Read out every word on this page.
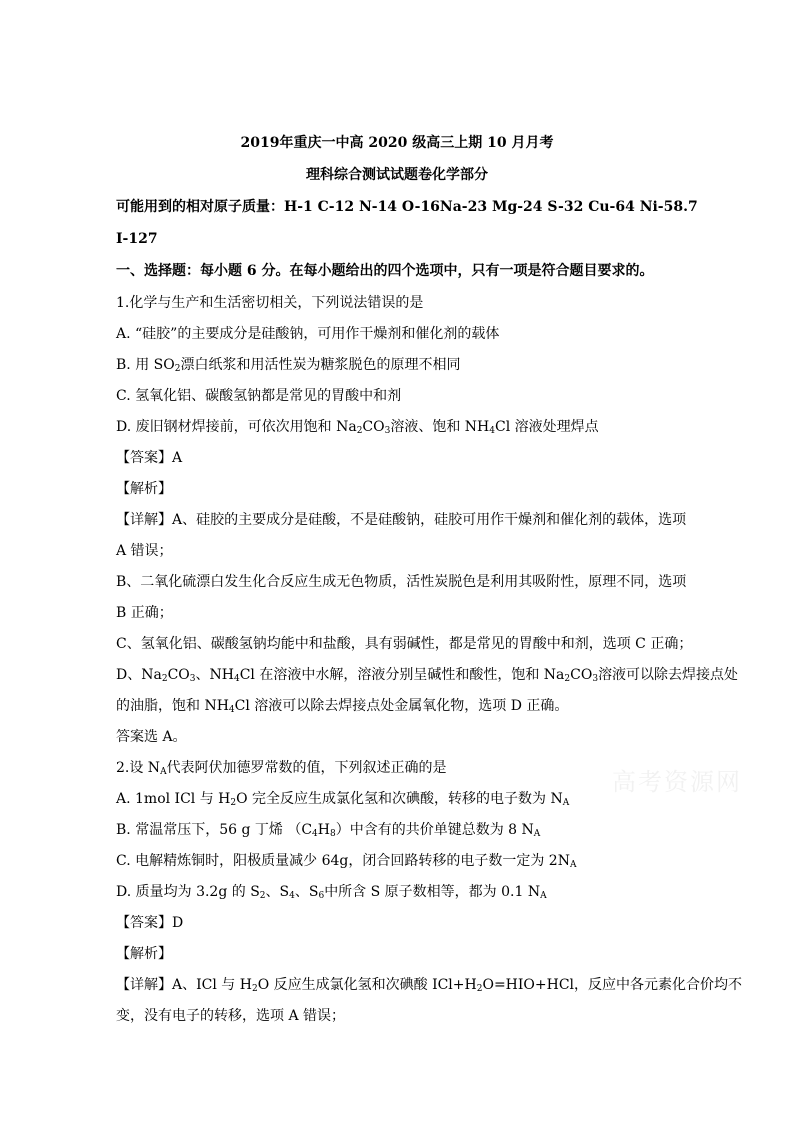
2019年重庆一中高 2020 级高三上期 10 月月考
理科综合测试试题卷化学部分
可能用到的相对原子质量：H-1 C-12 N-14 O-16Na-23 Mg-24 S-32 Cu-64 Ni-58.7
I-127
一、选择题：每小题 6 分。在每小题给出的四个选项中，只有一项是符合题目要求的。
1.化学与生产和生活密切相关，下列说法错误的是
A. “硅胶”的主要成分是硅酸钠，可用作干燥剂和催化剂的载体
B. 用 $SO_2$漂白纸浆和用活性炭为糖浆脱色的原理不相同
C. 氢氧化铝、碳酸氢钠都是常见的胃酸中和剂
D. 废旧钢材焊接前，可依次用饱和 $Na_2CO_3$溶液、饱和 $NH_4Cl$ 溶液处理焊点
【答案】A
【解析】
【详解】A、硅胶的主要成分是硅酸，不是硅酸钠，硅胶可用作干燥剂和催化剂的载体，选项
A 错误；
B、二氧化硫漂白发生化合反应生成无色物质，活性炭脱色是利用其吸附性，原理不同，选项
B 正确；
C、氢氧化铝、碳酸氢钠均能中和盐酸，具有弱碱性，都是常见的胃酸中和剂，选项 C 正确；
D、$Na_2CO_3$、$NH_4Cl$ 在溶液中水解，溶液分别呈碱性和酸性，饱和 $Na_2CO_3$溶液可以除去焊接点处
的油脂，饱和 $NH_4Cl$ 溶液可以除去焊接点处金属氧化物，选项 D 正确。
答案选 A。
2.设 $N_A$代表阿伏加德罗常数的值，下列叙述正确的是
A. 1mol ICl 与 $H_2O$ 完全反应生成氯化氢和次碘酸，转移的电子数为 $N_A$
B. 常温常压下，56 g 丁烯 $(C_4H_8)$中含有的共价单键总数为 8 $N_A$
C. 电解精炼铜时，阳极质量减少 64g，闭合回路转移的电子数一定为 $2N_A$
D. 质量均为 3.2g 的 $S_2$、$S_4$、$S_6$中所含 S 原子数相等，都为 0.1 $N_A$
【答案】D
【解析】
【详解】A、ICl 与 $H_2O$ 反应生成氯化氢和次碘酸 $ICl+H_2O=HIO+HCl$，反应中各元素化合价均不
变，没有电子的转移，选项 A 错误；
高考资源网
